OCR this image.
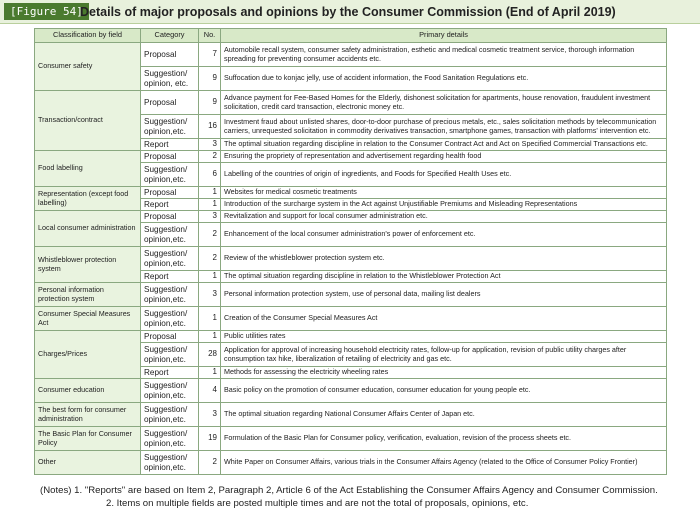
[Figure 54]
Details of major proposals and opinions by the Consumer Commission (End of April 2019)
Classification by field	Category	No.	Primary details
Consumer safety	Proposal	7	Automobile recall system, consumer safety administration, esthetic and medical cosmetic treatment service, thorough information spreading for preventing consumer accidents etc.
	Suggestion/ opinion, etc.	9	Suffocation due to konjac jelly, use of accident information, the Food Sanitation Regulations etc.
Transaction/contract	Proposal	9	Advance payment for Fee-Based Homes for the Elderly, dishonest solicitation for apartments, house renovation, fraudulent investment solicitation, credit card transaction, electronic money etc.
	Suggestion/ opinion,etc.	16	Investment fraud about unlisted shares, door-to-door purchase of precious metals, etc., sales solicitation methods by telecommunication carriers, unrequested solicitation in commodity derivatives transaction, smartphone games, transaction with platforms' intervention etc.
	Report	3	The optimal situation regarding discipline in relation to the Consumer Contract Act and Act on Specified Commercial Transactions etc.
Food labelling	Proposal	2	Ensuring the propriety of representation and advertisement regarding health food
	Suggestion/ opinion,etc.	6	Labelling of the countries of origin of ingredients, and Foods for Specified Health Uses etc.
Representation (except food labelling)	Proposal	1	Websites for medical cosmetic treatments
	Report	1	Introduction of the surcharge system in the Act against Unjustifiable Premiums and Misleading Representations
Local consumer administration	Proposal	3	Revitalization and support for local consumer administration etc.
	Suggestion/ opinion,etc.	2	Enhancement of the local consumer administration's power of enforcement etc.
Whistleblower protection system	Suggestion/ opinion,etc.	2	Review of the whistleblower protection system etc.
	Report	1	The optimal situation regarding discipline in relation to the Whistleblower Protection Act
Personal information protection system	Suggestion/ opinion,etc.	3	Personal information protection system, use of personal data, mailing list dealers
Consumer Special Measures Act	Suggestion/ opinion,etc.	1	Creation of the Consumer Special Measures Act
Charges/Prices	Proposal	1	Public utilities rates
	Suggestion/ opinion,etc.	28	Application for approval of increasing household electricity rates, follow-up for application, revision of public utility charges after consumption tax hike, liberalization of retailing of electricity and gas etc.
	Report	1	Methods for assessing the electricity wheeling rates
Consumer education	Suggestion/ opinion,etc.	4	Basic policy on the promotion of consumer education, consumer education for young people etc.
The best form for consumer administration	Suggestion/ opinion,etc.	3	The optimal situation regarding National Consumer Affairs Center of Japan etc.
The Basic Plan for Consumer Policy	Suggestion/ opinion,etc.	19	Formulation of the Basic Plan for Consumer policy, verification, evaluation, revision of the process sheets etc.
Other	Suggestion/ opinion,etc.	2	White Paper on Consumer Affairs, various trials in the Consumer Affairs Agency (related to the Office of Consumer Policy Frontier)
(Notes) 1. "Reports" are based on Item 2, Paragraph 2, Article 6 of the Act Establishing the Consumer Affairs Agency and Consumer Commission.
2. Items on multiple fields are posted multiple times and are not the total of proposals, opinions, etc.
